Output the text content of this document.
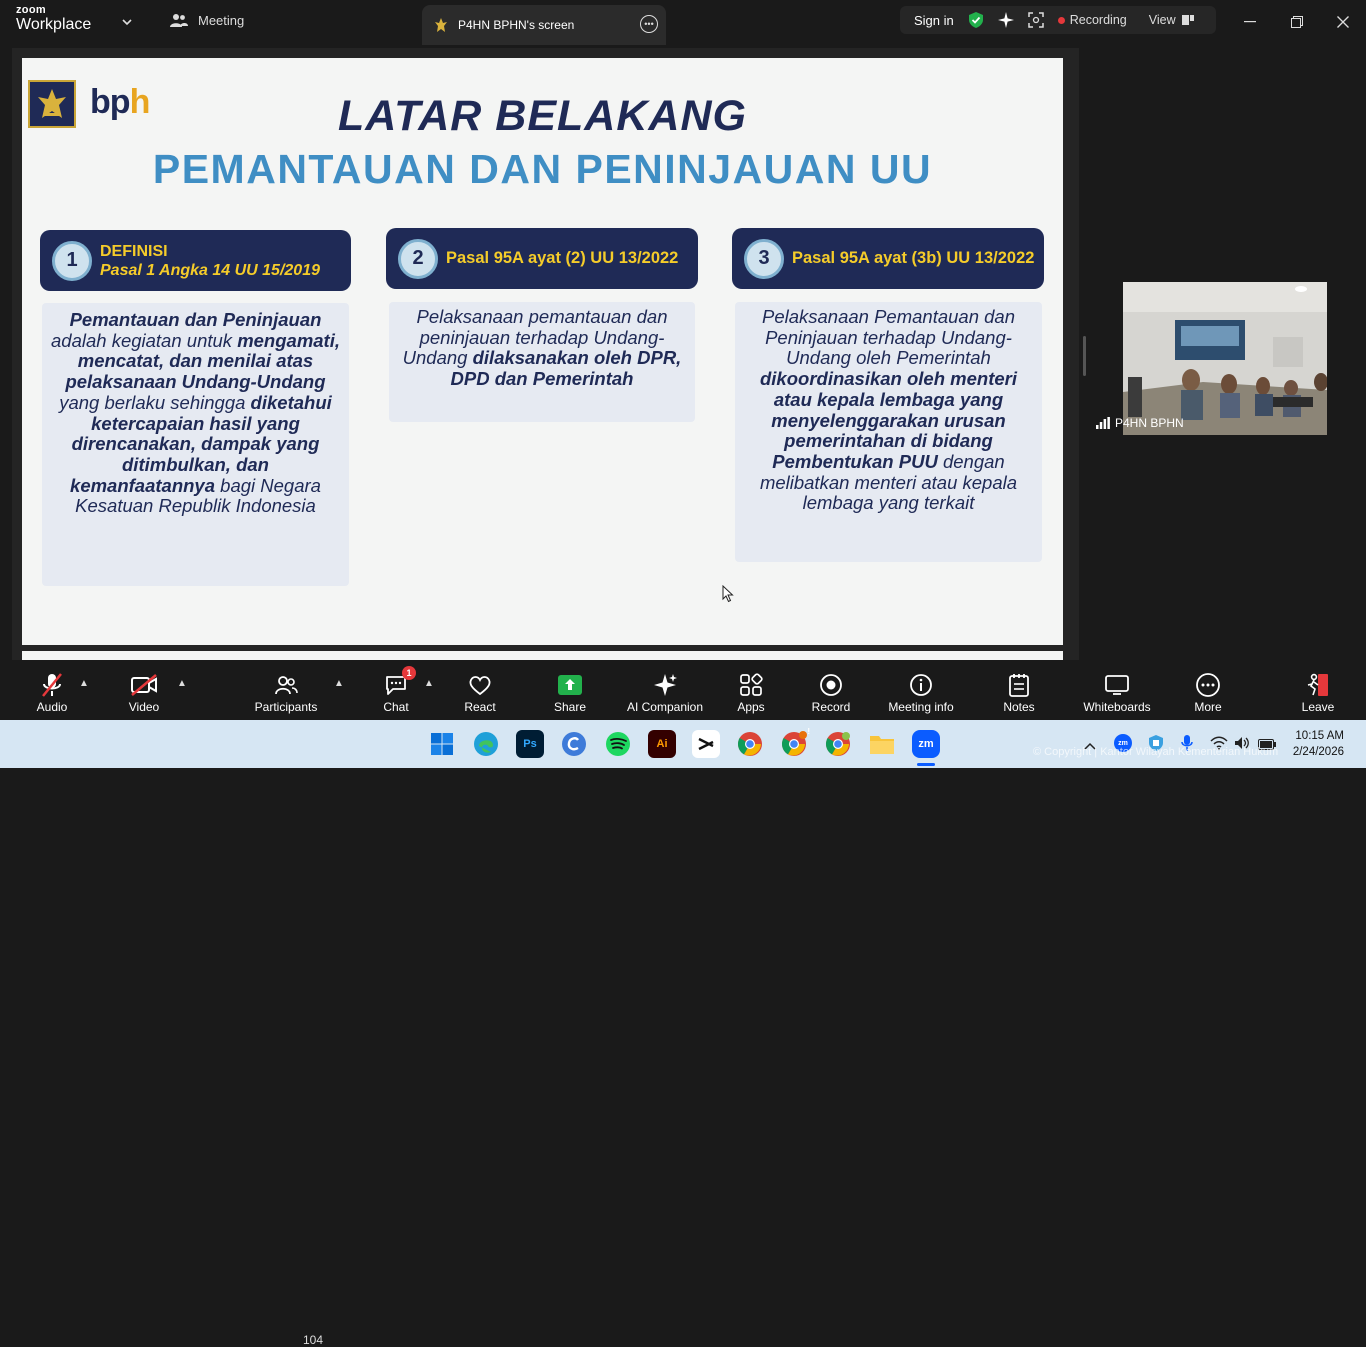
zoom
Workplace	Meeting	P4HN BPHN's screen	•••	Sign in	Recording View
bph	LATAR BELAKANG
PEMANTAUAN DAN PENINJAUAN UU
1	DEFINISI
Pasal 1 Angka 14 UU 15/2019
Pemantauan dan Peninjauan adalah kegiatan untuk mengamati, mencatat, dan menilai atas pelaksanaan Undang-Undang yang berlaku sehingga diketahui ketercapaian hasil yang direncanakan, dampak yang ditimbulkan, dan kemanfaatannya bagi Negara Kesatuan Republik Indonesia
2	Pasal 95A ayat (2) UU 13/2022
Pelaksanaan pemantauan dan peninjauan terhadap Undang-Undang dilaksanakan oleh DPR, DPD dan Pemerintah
3	Pasal 95A ayat (3b) UU 13/2022
Pelaksanaan Pemantauan dan Peninjauan terhadap Undang-Undang oleh Pemerintah dikoordinasikan oleh menteri atau kepala lembaga yang menyelenggarakan urusan pemerintahan di bidang Pembentukan PUU dengan melibatkan menteri atau kepala lembaga yang terkait
P4HN BPHN
Audio
▲
Video
▲
Participants
104
▲
1
Chat
▲
React	Share	AI Companion	Apps	Record	Meeting info	Notes	Whiteboards	More	Leave
Ps	Ai
!
zm	zm
10:15 AM
2/24/2026
© Copyright | Kantor Wilayah Kementerian Hukum
